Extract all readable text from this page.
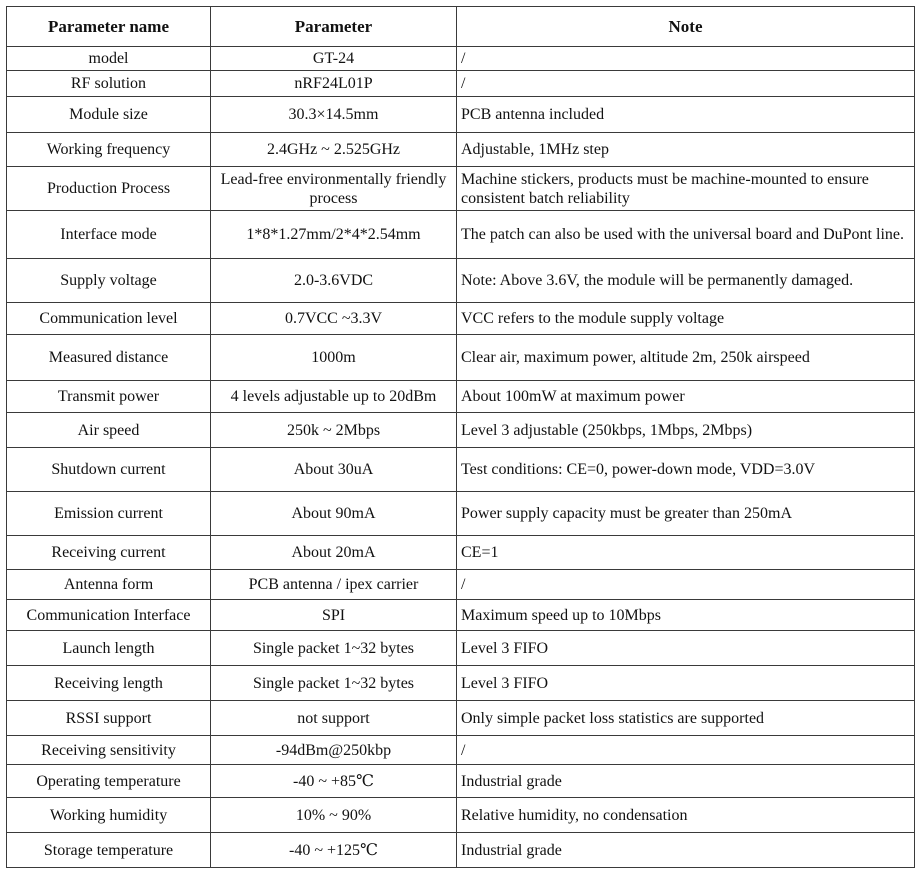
Parameter name	Parameter	Note
model	GT-24	/
RF solution	nRF24L01P	/
Module size	30.3×14.5mm	PCB antenna included
Working frequency	2.4GHz ~ 2.525GHz	Adjustable, 1MHz step
Production Process	Lead-free environmentally friendly process	Machine stickers, products must be machine-mounted to ensure consistent batch reliability
Interface mode	1*8*1.27mm/2*4*2.54mm	The patch can also be used with the universal board and DuPont line.
Supply voltage	2.0-3.6VDC	Note: Above 3.6V, the module will be permanently damaged.
Communication level	0.7VCC ~3.3V	VCC refers to the module supply voltage
Measured distance	1000m	Clear air, maximum power, altitude 2m, 250k airspeed
Transmit power	4 levels adjustable up to 20dBm	About 100mW at maximum power
Air speed	250k ~ 2Mbps	Level 3 adjustable (250kbps, 1Mbps, 2Mbps)
Shutdown current	About 30uA	Test conditions: CE=0, power-down mode, VDD=3.0V
Emission current	About 90mA	Power supply capacity must be greater than 250mA
Receiving current	About 20mA	CE=1
Antenna form	PCB antenna / ipex carrier	/
Communication Interface	SPI	Maximum speed up to 10Mbps
Launch length	Single packet 1~32 bytes	Level 3 FIFO
Receiving length	Single packet 1~32 bytes	Level 3 FIFO
RSSI support	not support	Only simple packet loss statistics are supported
Receiving sensitivity	-94dBm@250kbp	/
Operating temperature	-40 ~ +85℃	Industrial grade
Working humidity	10% ~ 90%	Relative humidity, no condensation
Storage temperature	-40 ~ +125℃	Industrial grade
